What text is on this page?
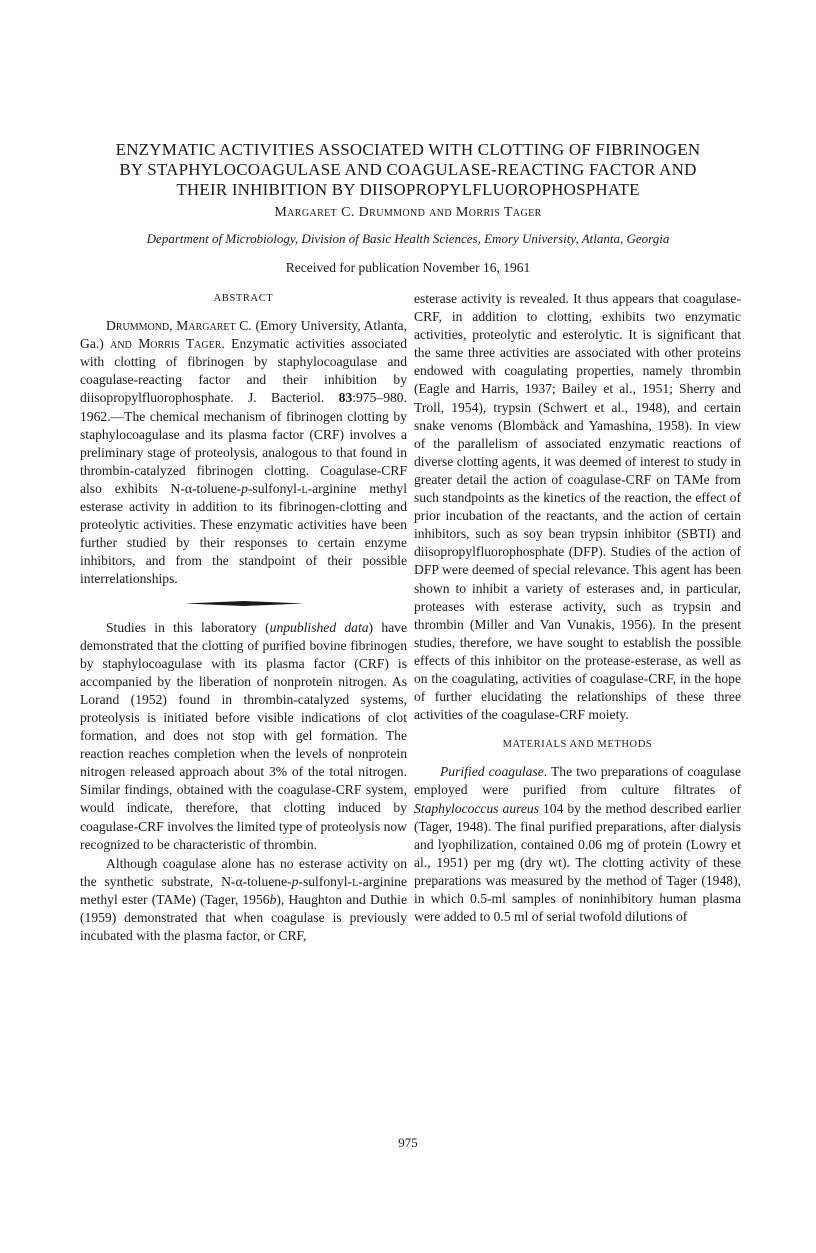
ENZYMATIC ACTIVITIES ASSOCIATED WITH CLOTTING OF FIBRINOGEN
BY STAPHYLOCOAGULASE AND COAGULASE-REACTING FACTOR AND
THEIR INHIBITION BY DIISOPROPYLFLUOROPHOSPHATE
Margaret C. Drummond and Morris Tager
Department of Microbiology, Division of Basic Health Sciences, Emory University, Atlanta, Georgia
Received for publication November 16, 1961
ABSTRACT

Drummond, Margaret C. (Emory University, Atlanta, Ga.) and Morris Tager. Enzymatic activities associated with clotting of fibrinogen by staphylocoagulase and coagulase-reacting factor and their inhibition by diisopropylfluorophosphate. J. Bacteriol. 83:975–980. 1962.—The chemical mechanism of fibrinogen clotting by staphylocoagulase and its plasma factor (CRF) involves a preliminary stage of proteolysis, analogous to that found in thrombin-catalyzed fibrinogen clotting. Coagulase-CRF also exhibits N-α-toluene-p-sulfonyl-l-arginine methyl esterase activity in addition to its fibrinogen-clotting and proteolytic activities. These enzymatic activities have been further studied by their responses to certain enzyme inhibitors, and from the standpoint of their possible interrelationships.

Studies in this laboratory (unpublished data) have demonstrated that the clotting of purified bovine fibrinogen by staphylocoagulase with its plasma factor (CRF) is accompanied by the liberation of nonprotein nitrogen. As Lorand (1952) found in thrombin-catalyzed systems, proteolysis is initiated before visible indications of clot formation, and does not stop with gel formation. The reaction reaches completion when the levels of nonprotein nitrogen released approach about 3% of the total nitrogen. Similar findings, obtained with the coagulase-CRF system, would indicate, therefore, that clotting induced by coagulase-CRF involves the limited type of proteolysis now recognized to be characteristic of thrombin.

Although coagulase alone has no esterase activity on the synthetic substrate, N-α-toluene-p-sulfonyl-l-arginine methyl ester (TAMe) (Tager, 1956b), Haughton and Duthie (1959) demonstrated that when coagulase is previously incubated with the plasma factor, or CRF,

esterase activity is revealed. It thus appears that coagulase-CRF, in addition to clotting, exhibits two enzymatic activities, proteolytic and esterolytic. It is significant that the same three activities are associated with other proteins endowed with coagulating properties, namely thrombin (Eagle and Harris, 1937; Bailey et al., 1951; Sherry and Troll, 1954), trypsin (Schwert et al., 1948), and certain snake venoms (Blombäck and Yamashina, 1958). In view of the parallelism of associated enzymatic reactions of diverse clotting agents, it was deemed of interest to study in greater detail the action of coagulase-CRF on TAMe from such standpoints as the kinetics of the reaction, the effect of prior incubation of the reactants, and the action of certain inhibitors, such as soy bean trypsin inhibitor (SBTI) and diisopropylfluorophosphate (DFP). Studies of the action of DFP were deemed of special relevance. This agent has been shown to inhibit a variety of esterases and, in particular, proteases with esterase activity, such as trypsin and thrombin (Miller and Van Vunakis, 1956). In the present studies, therefore, we have sought to establish the possible effects of this inhibitor on the protease-esterase, as well as on the coagulating, activities of coagulase-CRF, in the hope of further elucidating the relationships of these three activities of the coagulase-CRF moiety.

MATERIALS AND METHODS

Purified coagulase. The two preparations of coagulase employed were purified from culture filtrates of Staphylococcus aureus 104 by the method described earlier (Tager, 1948). The final purified preparations, after dialysis and lyophilization, contained 0.06 mg of protein (Lowry et al., 1951) per mg (dry wt). The clotting activity of these preparations was measured by the method of Tager (1948), in which 0.5-ml samples of noninhibitory human plasma were added to 0.5 ml of serial twofold dilutions of

975
